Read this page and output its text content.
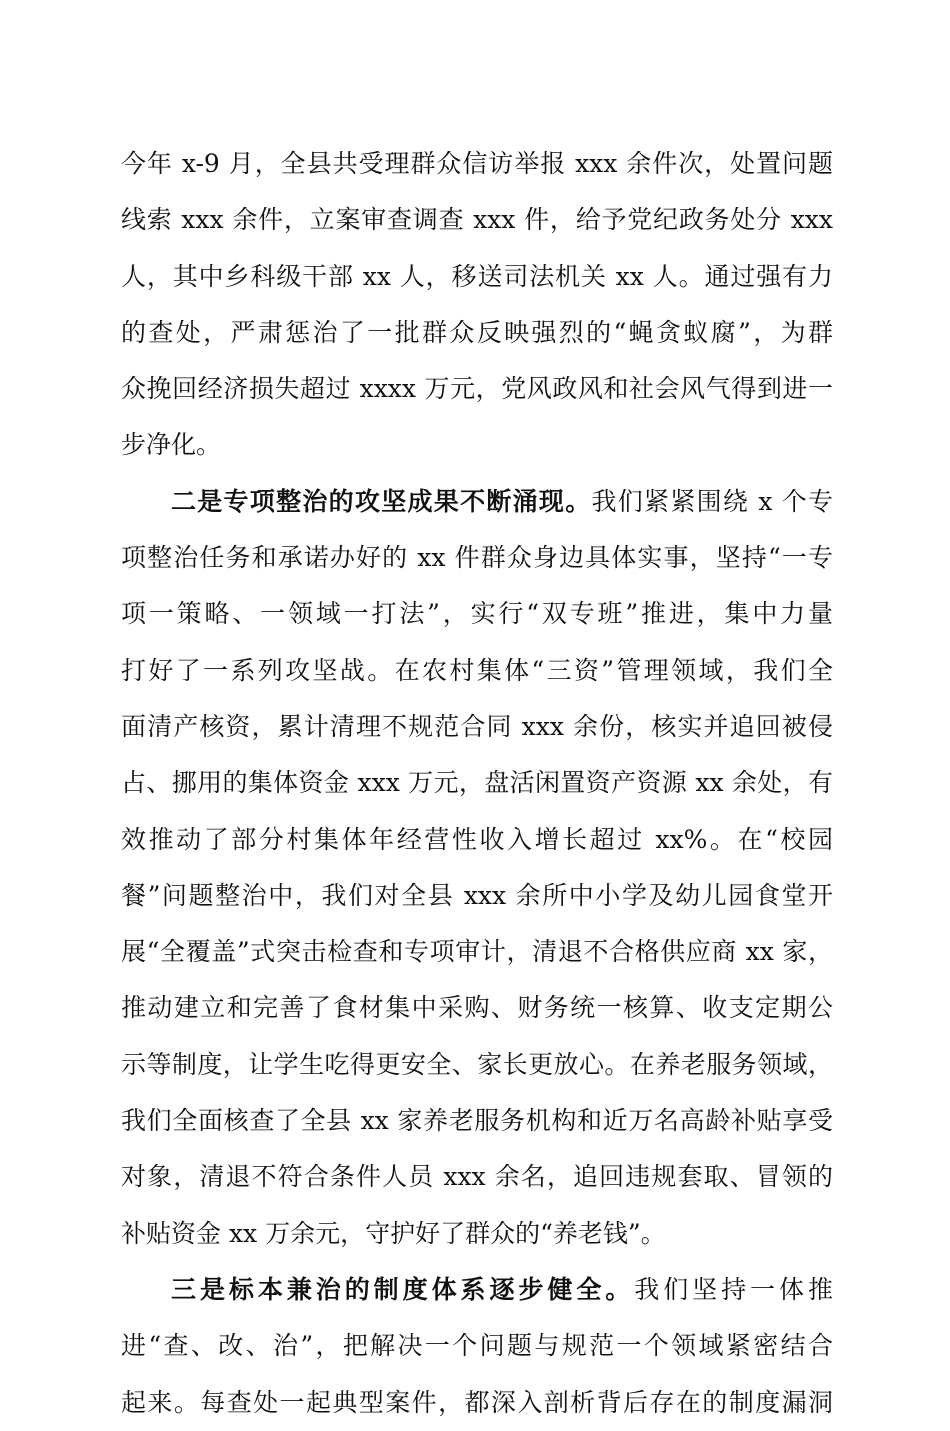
今年 x-9 月，全县共受理群众信访举报 xxx 余件次，处置问题
线索 xxx 余件，立案审查调查 xxx 件，给予党纪政务处分 xxx
人，其中乡科级干部 xx 人，移送司法机关 xx 人。通过强有力
的查处，严肃惩治了一批群众反映强烈的“蝇贪蚁腐”，为群
众挽回经济损失超过 xxxx 万元，党风政风和社会风气得到进一
步净化。
二是专项整治的攻坚成果不断涌现。我们紧紧围绕 x 个专
项整治任务和承诺办好的 xx 件群众身边具体实事，坚持“一专
项一策略、一领域一打法”，实行“双专班”推进，集中力量
打好了一系列攻坚战。在农村集体“三资”管理领域，我们全
面清产核资，累计清理不规范合同 xxx 余份，核实并追回被侵
占、挪用的集体资金 xxx 万元，盘活闲置资产资源 xx 余处，有
效推动了部分村集体年经营性收入增长超过 xx%。在“校园
餐”问题整治中，我们对全县 xxx 余所中小学及幼儿园食堂开
展“全覆盖”式突击检查和专项审计，清退不合格供应商 xx 家，
推动建立和完善了食材集中采购、财务统一核算、收支定期公
示等制度，让学生吃得更安全、家长更放心。在养老服务领域，
我们全面核查了全县 xx 家养老服务机构和近万名高龄补贴享受
对象，清退不符合条件人员 xxx 余名，追回违规套取、冒领的
补贴资金 xx 万余元，守护好了群众的“养老钱”。
三是标本兼治的制度体系逐步健全。我们坚持一体推
进“查、改、治”，把解决一个问题与规范一个领域紧密结合
起来。每查处一起典型案件，都深入剖析背后存在的制度漏洞
